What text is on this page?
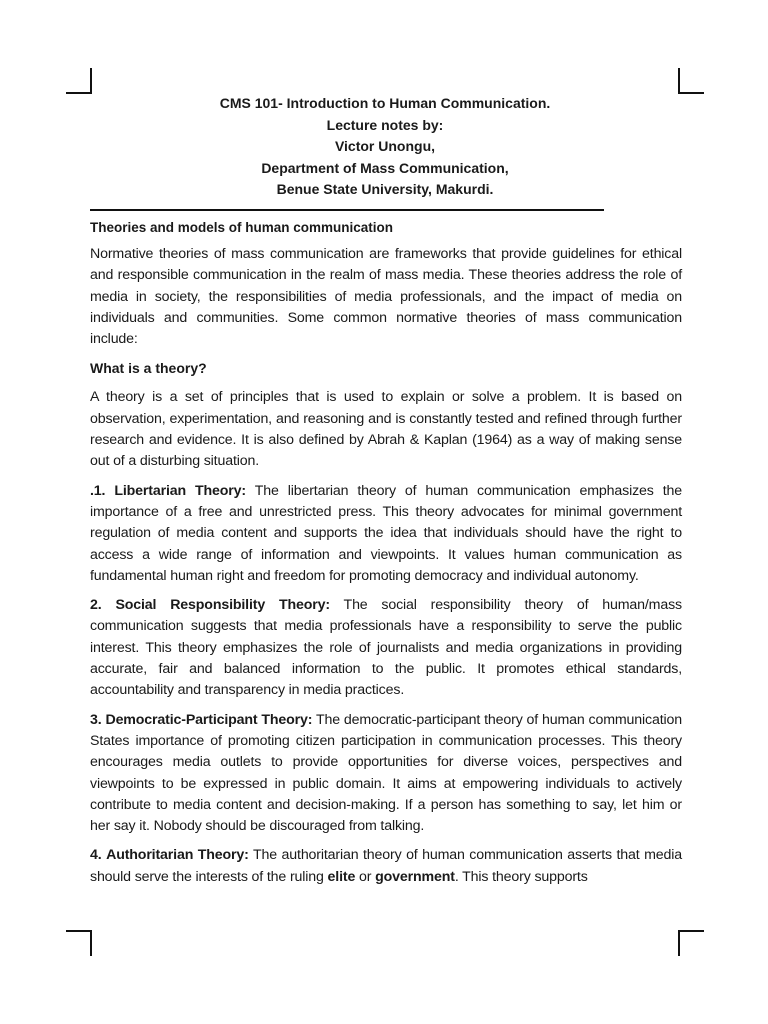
CMS 101- Introduction to Human Communication.
Lecture notes by:
Victor Unongu,
Department of Mass Communication,
Benue State University, Makurdi.
Theories and models of human communication

Normative theories of mass communication are frameworks that provide guidelines for ethical and responsible communication in the realm of mass media. These theories address the role of media in society, the responsibilities of media professionals, and the impact of media on individuals and communities. Some common normative theories of mass communication include:

What is a theory?

A theory is a set of principles that is used to explain or solve a problem. It is based on observation, experimentation, and reasoning and is constantly tested and refined through further research and evidence. It is also defined by Abrah & Kaplan (1964) as a way of making sense out of a disturbing situation.

.1. Libertarian Theory: The libertarian theory of human communication emphasizes the importance of a free and unrestricted press. This theory advocates for minimal government regulation of media content and supports the idea that individuals should have the right to access a wide range of information and viewpoints. It values human communication as fundamental human right and freedom for promoting democracy and individual autonomy.

2. Social Responsibility Theory: The social responsibility theory of human/mass communication suggests that media professionals have a responsibility to serve the public interest. This theory emphasizes the role of journalists and media organizations in providing accurate, fair and balanced information to the public. It promotes ethical standards, accountability and transparency in media practices.

3. Democratic-Participant Theory: The democratic-participant theory of human communication States importance of promoting citizen participation in communication processes. This theory encourages media outlets to provide opportunities for diverse voices, perspectives and viewpoints to be expressed in public domain. It aims at empowering individuals to actively contribute to media content and decision-making. If a person has something to say, let him or her say it. Nobody should be discouraged from talking.

4. Authoritarian Theory: The authoritarian theory of human communication asserts that media should serve the interests of the ruling elite or government. This theory supports
